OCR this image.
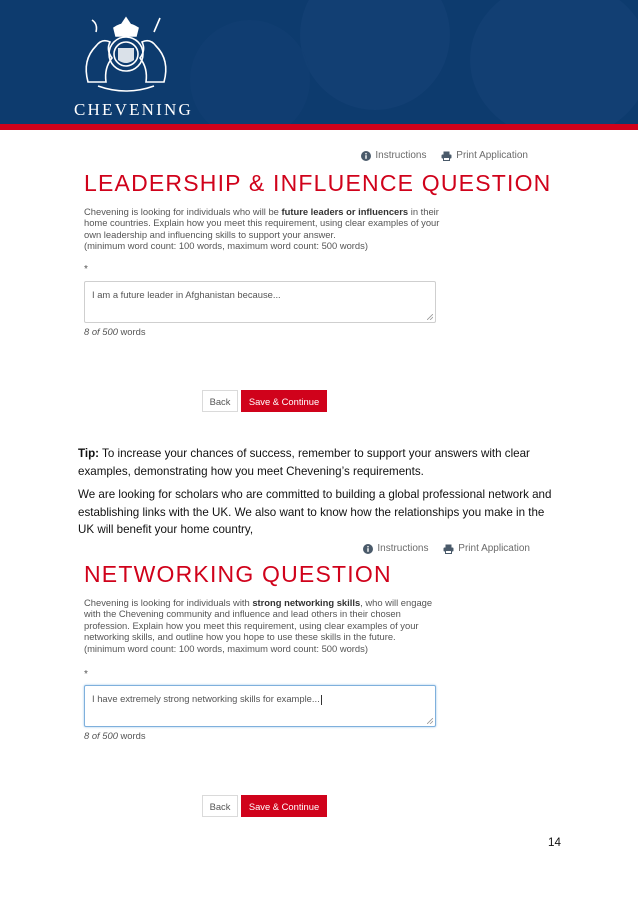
CHEVENING
Instructions
	Print Application
LEADERSHIP & INFLUENCE QUESTION
Chevening is looking for individuals who will be future leaders or influencers in their home countries. Explain how you meet this requirement, using clear examples of your own leadership and influencing skills to support your answer.
(minimum word count: 100 words, maximum word count: 500 words)
*
I am a future leader in Afghanistan because...
8 of 500 words
Back	Save & Continue
Tip: To increase your chances of success, remember to support your answers with clear examples, demonstrating how you meet Chevening’s requirements.
We are looking for scholars who are committed to building a global professional network and establishing links with the UK. We also want to know how the relationships you make in the UK will benefit your home country,
Instructions
	Print Application
NETWORKING QUESTION
Chevening is looking for individuals with strong networking skills, who will engage with the Chevening community and influence and lead others in their chosen profession. Explain how you meet this requirement, using clear examples of your networking skills, and outline how you hope to use these skills in the future.
(minimum word count: 100 words, maximum word count: 500 words)
*
I have extremely strong networking skills for example...
8 of 500 words
Back	Save & Continue
14
